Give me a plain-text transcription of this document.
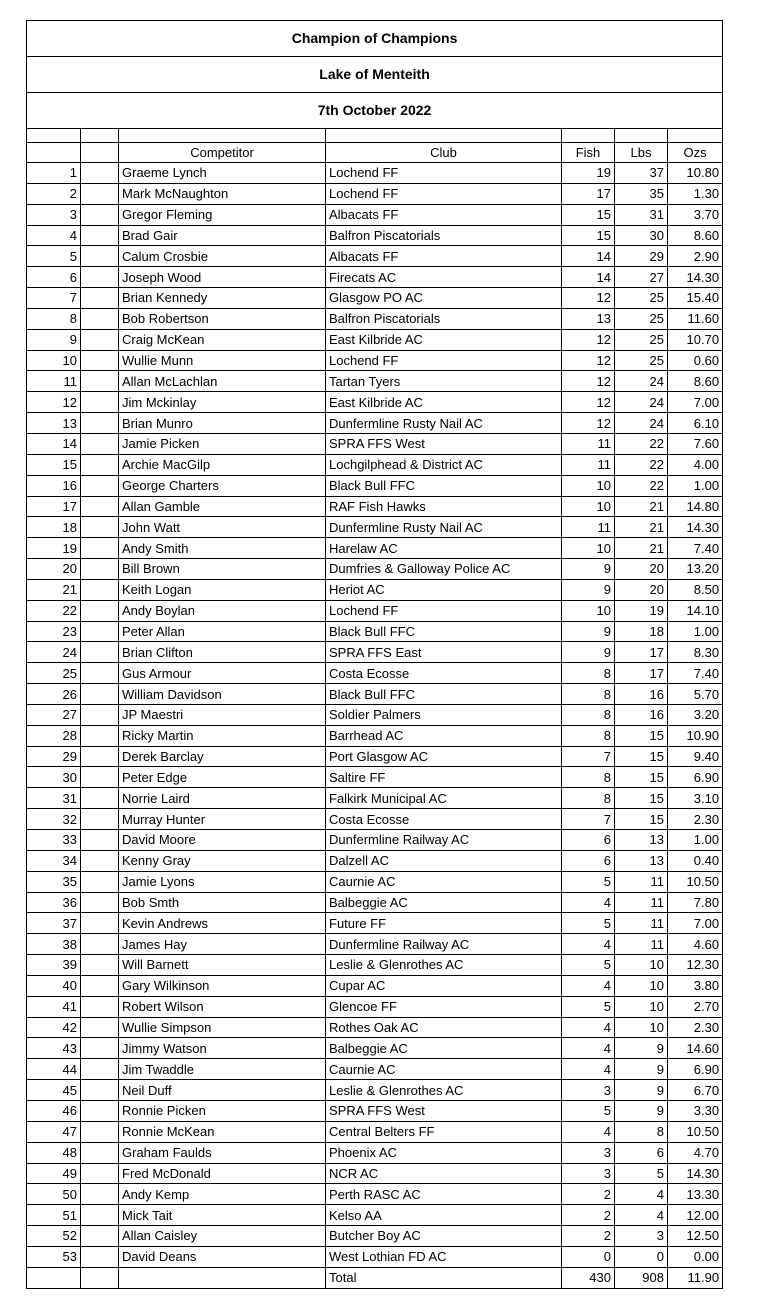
Champion of Champions						
Lake of Menteith						
7th October 2022						

		Competitor	Club	Fish	Lbs	Ozs
1		Graeme Lynch	Lochend FF	19	37	10.80
2		Mark McNaughton	Lochend FF	17	35	1.30
3		Gregor Fleming	Albacats FF	15	31	3.70
4		Brad Gair	Balfron Piscatorials	15	30	8.60
5		Calum Crosbie	Albacats FF	14	29	2.90
6		Joseph Wood	Firecats AC	14	27	14.30
7		Brian Kennedy	Glasgow PO AC	12	25	15.40
8		Bob Robertson	Balfron Piscatorials	13	25	11.60
9		Craig McKean	East Kilbride AC	12	25	10.70
10		Wullie Munn	Lochend FF	12	25	0.60
11		Allan McLachlan	Tartan Tyers	12	24	8.60
12		Jim Mckinlay	East Kilbride AC	12	24	7.00
13		Brian Munro	Dunfermline Rusty Nail AC	12	24	6.10
14		Jamie Picken	SPRA FFS West	11	22	7.60
15		Archie MacGilp	Lochgilphead & District AC	11	22	4.00
16		George Charters	Black Bull FFC	10	22	1.00
17		Allan Gamble	RAF Fish Hawks	10	21	14.80
18		John Watt	Dunfermline Rusty Nail AC	11	21	14.30
19		Andy Smith	Harelaw AC	10	21	7.40
20		Bill Brown	Dumfries & Galloway Police AC	9	20	13.20
21		Keith Logan	Heriot AC	9	20	8.50
22		Andy Boylan	Lochend FF	10	19	14.10
23		Peter Allan	Black Bull FFC	9	18	1.00
24		Brian Clifton	SPRA FFS East	9	17	8.30
25		Gus Armour	Costa Ecosse	8	17	7.40
26		William Davidson	Black Bull FFC	8	16	5.70
27		JP Maestri	Soldier Palmers	8	16	3.20
28		Ricky Martin	Barrhead AC	8	15	10.90
29		Derek Barclay	Port Glasgow AC	7	15	9.40
30		Peter Edge	Saltire FF	8	15	6.90
31		Norrie Laird	Falkirk Municipal AC	8	15	3.10
32		Murray Hunter	Costa Ecosse	7	15	2.30
33		David Moore	Dunfermline Railway AC	6	13	1.00
34		Kenny Gray	Dalzell AC	6	13	0.40
35		Jamie Lyons	Caurnie AC	5	11	10.50
36		Bob Smth	Balbeggie AC	4	11	7.80
37		Kevin Andrews	Future FF	5	11	7.00
38		James Hay	Dunfermline Railway AC	4	11	4.60
39		Will Barnett	Leslie & Glenrothes AC	5	10	12.30
40		Gary Wilkinson	Cupar AC	4	10	3.80
41		Robert Wilson	Glencoe FF	5	10	2.70
42		Wullie Simpson	Rothes Oak AC	4	10	2.30
43		Jimmy Watson	Balbeggie AC	4	9	14.60
44		Jim Twaddle	Caurnie AC	4	9	6.90
45		Neil Duff	Leslie & Glenrothes AC	3	9	6.70
46		Ronnie Picken	SPRA FFS West	5	9	3.30
47		Ronnie McKean	Central Belters FF	4	8	10.50
48		Graham Faulds	Phoenix AC	3	6	4.70
49		Fred McDonald	NCR AC	3	5	14.30
50		Andy Kemp	Perth RASC AC	2	4	13.30
51		Mick Tait	Kelso AA	2	4	12.00
52		Allan Caisley	Butcher Boy AC	2	3	12.50
53		David Deans	West Lothian FD AC	0	0	0.00
			Total	430	908	11.90
